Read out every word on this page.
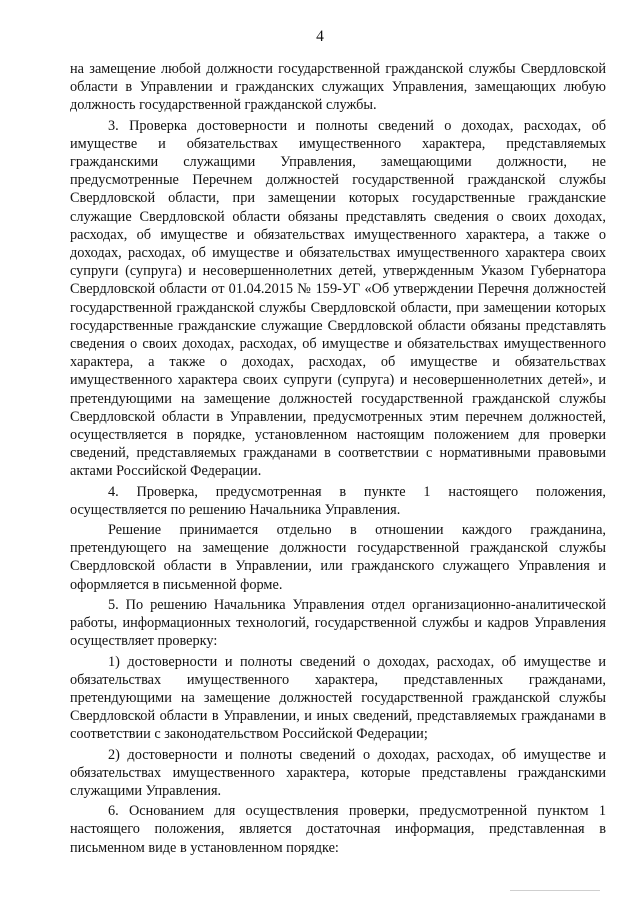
4

на замещение любой должности государственной гражданской службы Свердловской области в Управлении и гражданских служащих Управления, замещающих любую должность государственной гражданской службы.

3. Проверка достоверности и полноты сведений о доходах, расходах, об имуществе и обязательствах имущественного характера, представляемых гражданскими служащими Управления, замещающими должности, не предусмотренные Перечнем должностей государственной гражданской службы Свердловской области, при замещении которых государственные гражданские служащие Свердловской области обязаны представлять сведения о своих доходах, расходах, об имуществе и обязательствах имущественного характера, а также о доходах, расходах, об имуществе и обязательствах имущественного характера своих супруги (супруга) и несовершеннолетних детей, утвержденным Указом Губернатора Свердловской области от 01.04.2015 № 159-УГ «Об утверждении Перечня должностей государственной гражданской службы Свердловской области, при замещении которых государственные гражданские служащие Свердловской области обязаны представлять сведения о своих доходах, расходах, об имуществе и обязательствах имущественного характера, а также о доходах, расходах, об имуществе и обязательствах имущественного характера своих супруги (супруга) и несовершеннолетних детей», и претендующими на замещение должностей государственной гражданской службы Свердловской области в Управлении, предусмотренных этим перечнем должностей, осуществляется в порядке, установленном настоящим положением для проверки сведений, представляемых гражданами в соответствии с нормативными правовыми актами Российской Федерации.

4. Проверка, предусмотренная в пункте 1 настоящего положения, осуществляется по решению Начальника Управления.

Решение принимается отдельно в отношении каждого гражданина, претендующего на замещение должности государственной гражданской службы Свердловской области в Управлении, или гражданского служащего Управления и оформляется в письменной форме.

5. По решению Начальника Управления отдел организационно-аналитической работы, информационных технологий, государственной службы и кадров Управления осуществляет проверку:

1) достоверности и полноты сведений о доходах, расходах, об имуществе и обязательствах имущественного характера, представленных гражданами, претендующими на замещение должностей государственной гражданской службы Свердловской области в Управлении, и иных сведений, представляемых гражданами в соответствии с законодательством Российской Федерации;

2) достоверности и полноты сведений о доходах, расходах, об имуществе и обязательствах имущественного характера, которые представлены гражданскими служащими Управления.

6. Основанием для осуществления проверки, предусмотренной пунктом 1 настоящего положения, является достаточная информация, представленная в письменном виде в установленном порядке:
